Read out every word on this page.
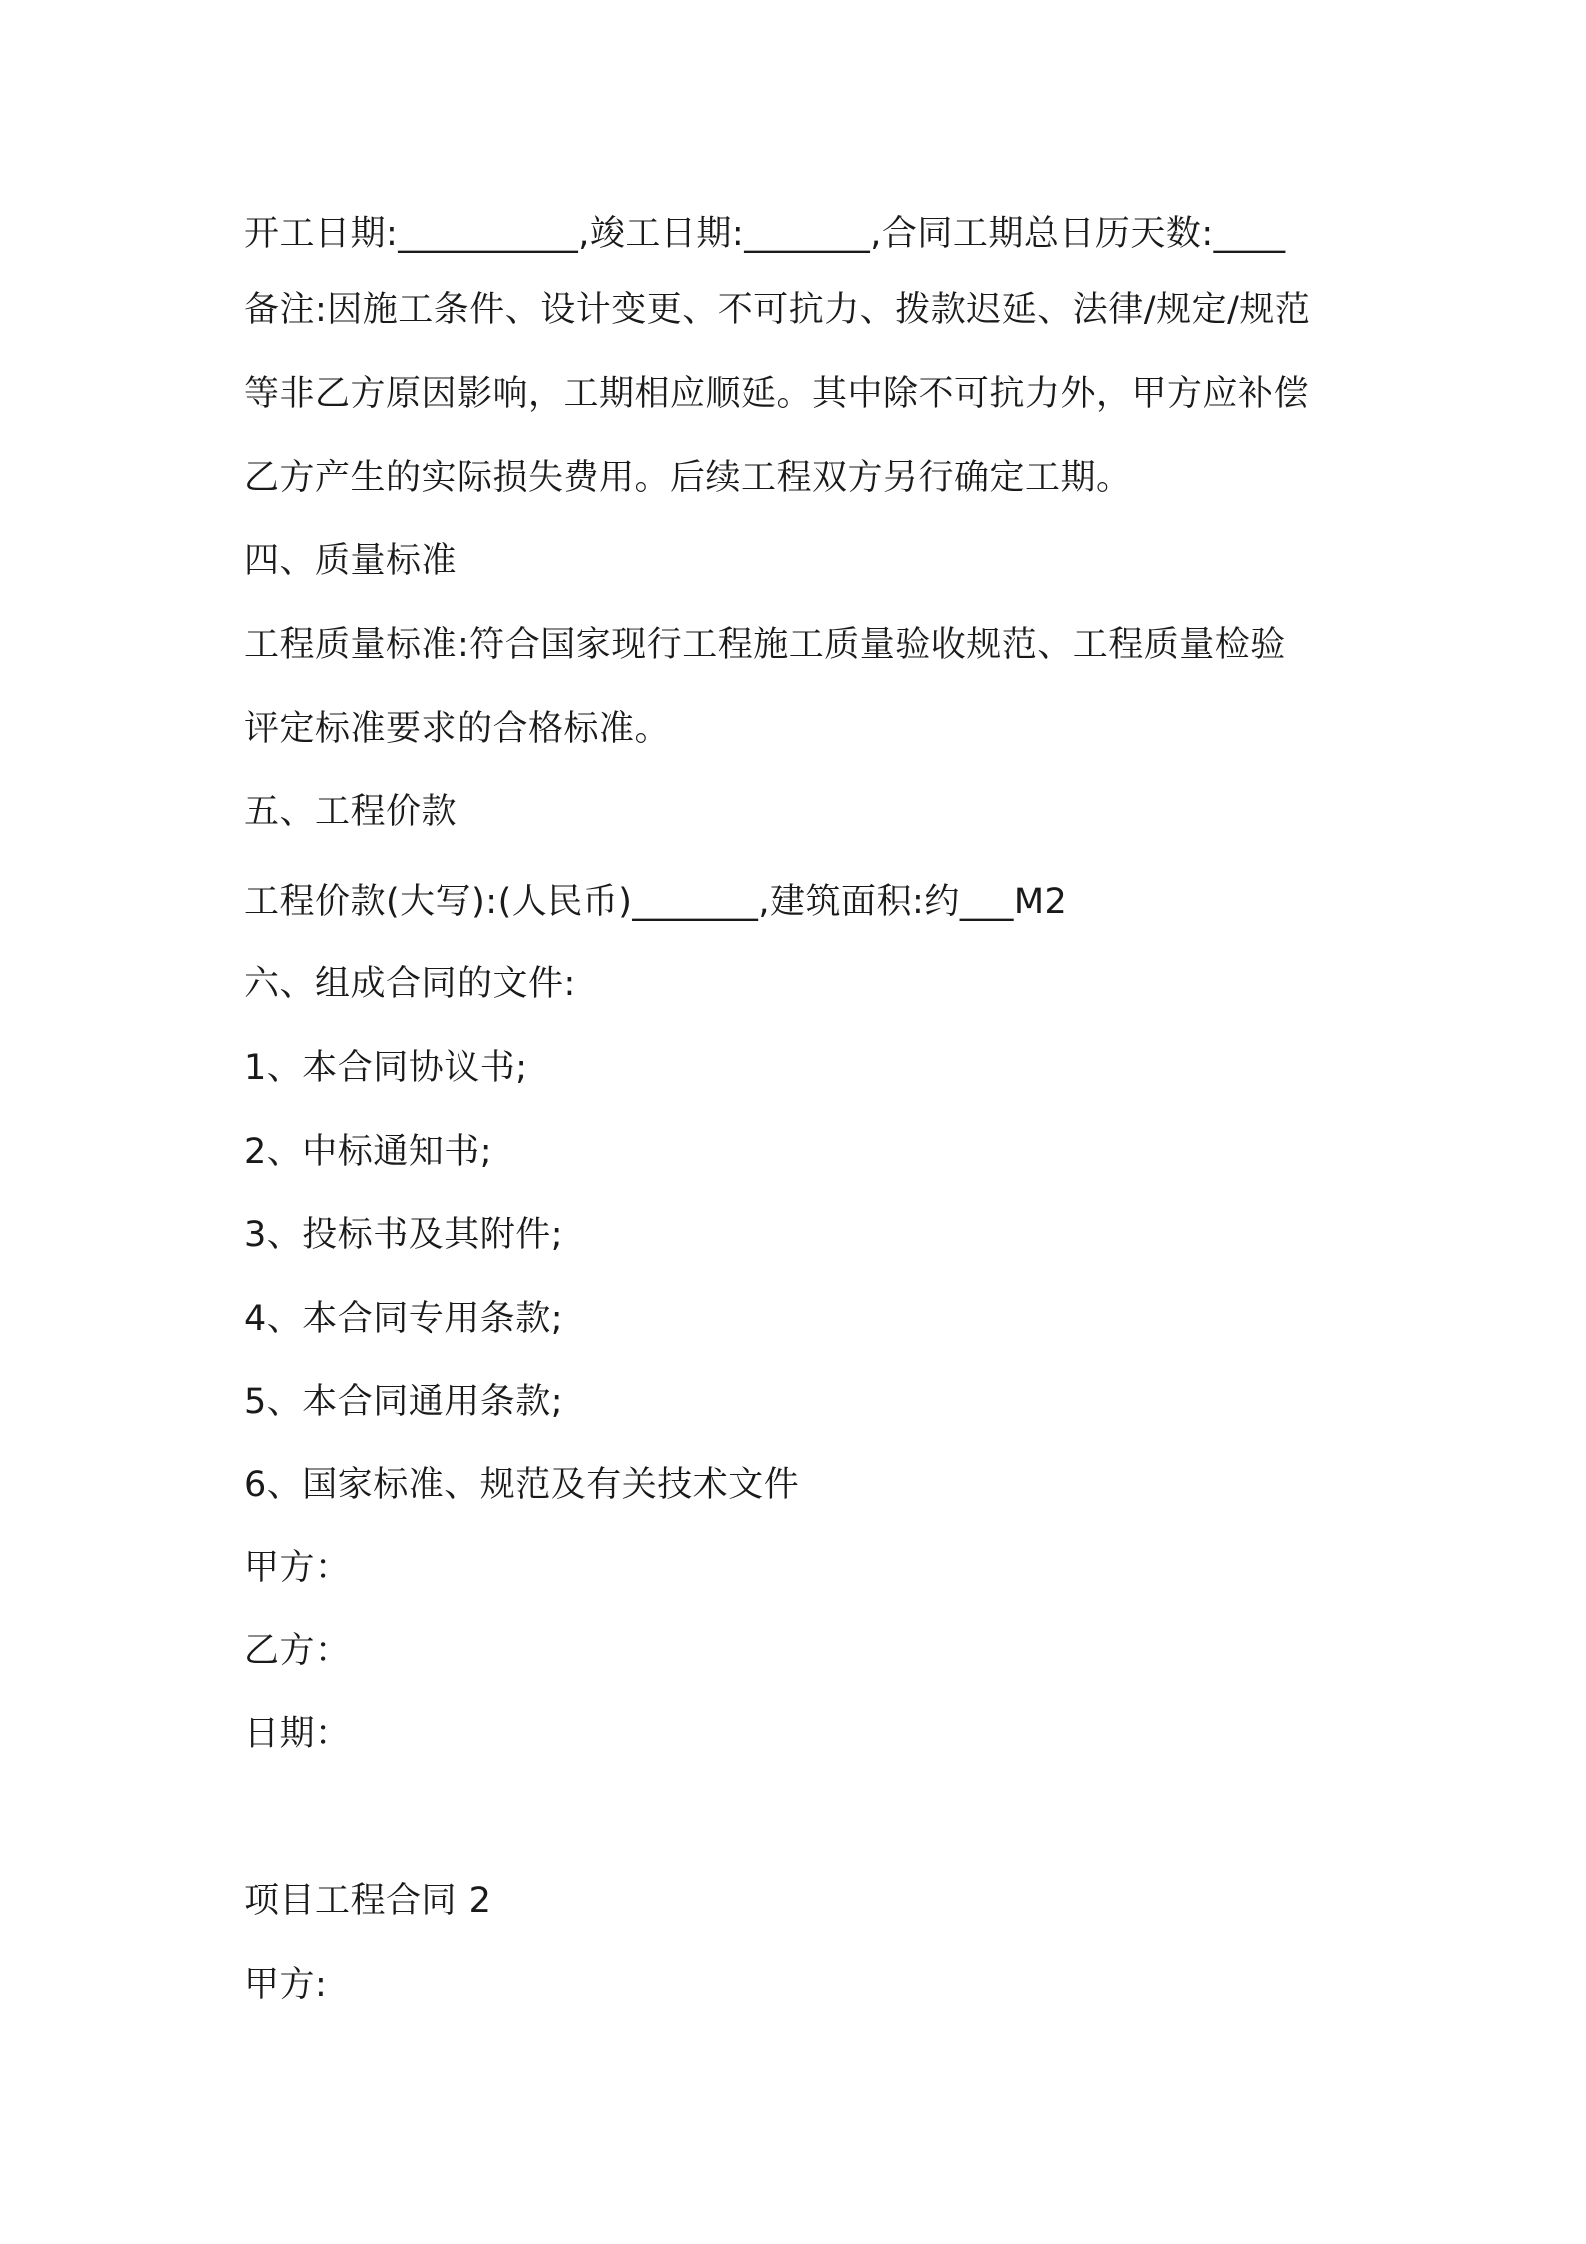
开工日期:__________,竣工日期:_______,合同工期总日历天数:____
备注:因施工条件、设计变更、不可抗力、拨款迟延、法律/规定/规范
等非乙方原因影响，工期相应顺延。其中除不可抗力外，甲方应补偿
乙方产生的实际损失费用。后续工程双方另行确定工期。
四、质量标准
工程质量标准:符合国家现行工程施工质量验收规范、工程质量检验
评定标准要求的合格标准。
五、工程价款
工程价款(大写):(人民币)_______,建筑面积:约___M2
六、组成合同的文件:
1、本合同协议书;
2、中标通知书;
3、投标书及其附件;
4、本合同专用条款;
5、本合同通用条款;
6、国家标准、规范及有关技术文件
甲方：
乙方：
日期：
项目工程合同 2
甲方:
